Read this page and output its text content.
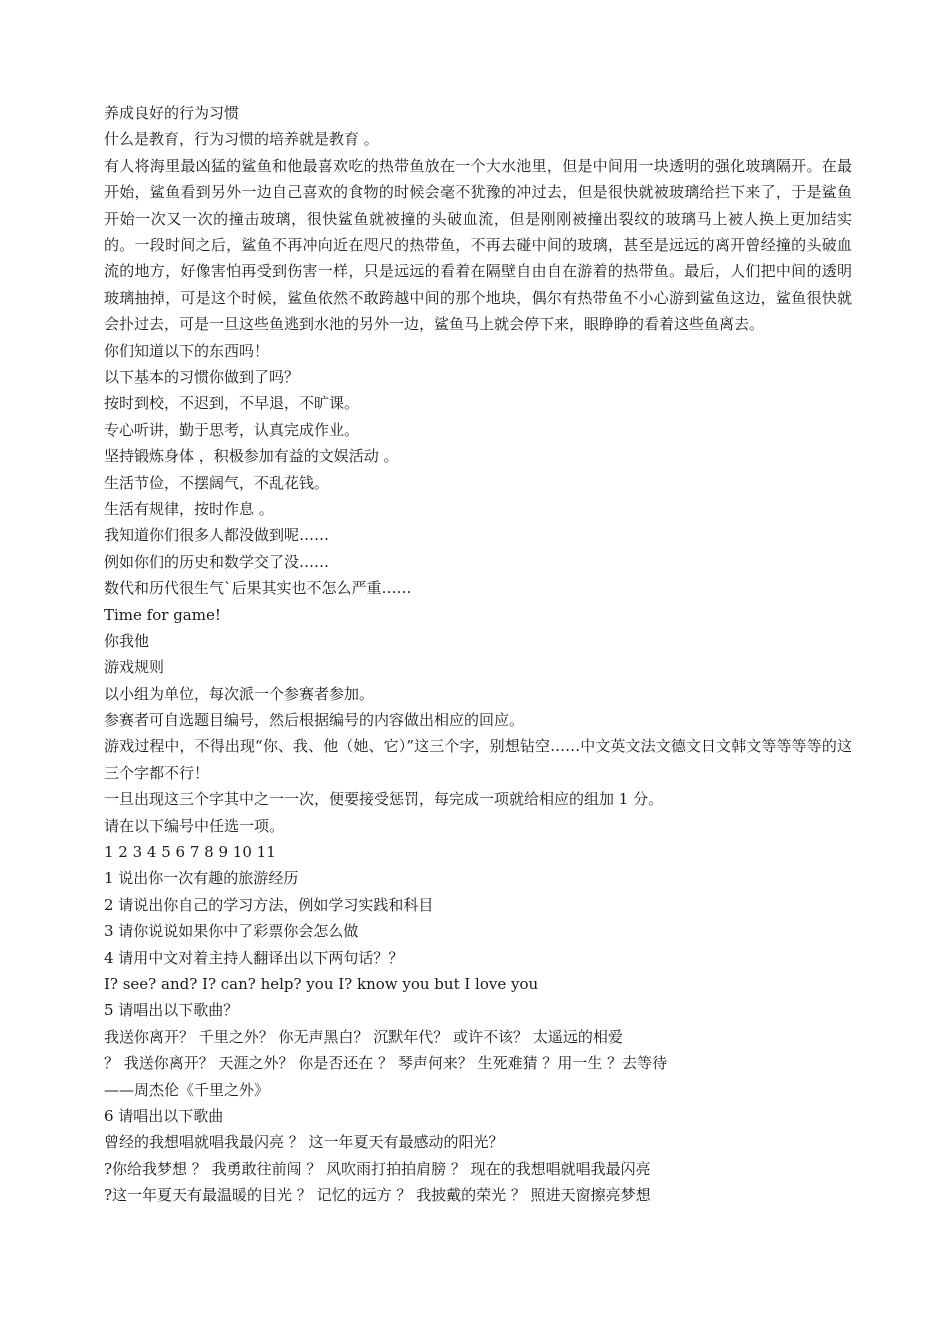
养成良好的行为习惯
什么是教育，行为习惯的培养就是教育 。
有人将海里最凶猛的鲨鱼和他最喜欢吃的热带鱼放在一个大水池里，但是中间用一块透明的强化玻璃隔开。在最开始，鲨鱼看到另外一边自己喜欢的食物的时候会毫不犹豫的冲过去，但是很快就被玻璃给拦下来了，于是鲨鱼开始一次又一次的撞击玻璃，很快鲨鱼就被撞的头破血流，但是刚刚被撞出裂纹的玻璃马上被人换上更加结实的。一段时间之后，鲨鱼不再冲向近在咫尺的热带鱼，不再去碰中间的玻璃，甚至是远远的离开曾经撞的头破血流的地方，好像害怕再受到伤害一样，只是远远的看着在隔壁自由自在游着的热带鱼。最后，人们把中间的透明玻璃抽掉，可是这个时候，鲨鱼依然不敢跨越中间的那个地块，偶尔有热带鱼不小心游到鲨鱼这边，鲨鱼很快就会扑过去，可是一旦这些鱼逃到水池的另外一边，鲨鱼马上就会停下来，眼睁睁的看着这些鱼离去。
你们知道以下的东西吗！
以下基本的习惯你做到了吗？
按时到校，不迟到，不早退，不旷课。
专心听讲，勤于思考，认真完成作业。
坚持锻炼身体 ，积极参加有益的文娱活动 。
生活节俭，不摆阔气，不乱花钱。
生活有规律，按时作息 。
我知道你们很多人都没做到呢……
例如你们的历史和数学交了没……
数代和历代很生气`后果其实也不怎么严重……
Time for game!
你我他
游戏规则
以小组为单位，每次派一个参赛者参加。
参赛者可自选题目编号，然后根据编号的内容做出相应的回应。
游戏过程中，不得出现“你、我、他（她、它）”这三个字，别想钻空……中文英文法文德文日文韩文等等等等的这三个字都不行！
一旦出现这三个字其中之一一次，便要接受惩罚，每完成一项就给相应的组加 1 分。
请在以下编号中任选一项。
1 2 3 4 5 6 7 8 9 10 11
1 说出你一次有趣的旅游经历
2 请说出你自己的学习方法，例如学习实践和科目
3 请你说说如果你中了彩票你会怎么做
4 请用中文对着主持人翻译出以下两句话？？
I? see? and? I? can? help? you I? know you but I love you
5 请唱出以下歌曲？
我送你离开？ 千里之外？ 你无声黑白？ 沉默年代？ 或许不该？ 太遥远的相爱
？ 我送你离开？ 天涯之外？ 你是否还在 ？ 琴声何来？ 生死难猜 ？用一生 ？去等待
——周杰伦《千里之外》
6 请唱出以下歌曲
曾经的我想唱就唱我最闪亮 ？ 这一年夏天有最感动的阳光？
?你给我梦想 ？ 我勇敢往前闯 ？ 风吹雨打拍拍肩膀 ？ 现在的我想唱就唱我最闪亮
?这一年夏天有最温暖的目光 ？ 记忆的远方 ？ 我披戴的荣光 ？ 照进天窗擦亮梦想
